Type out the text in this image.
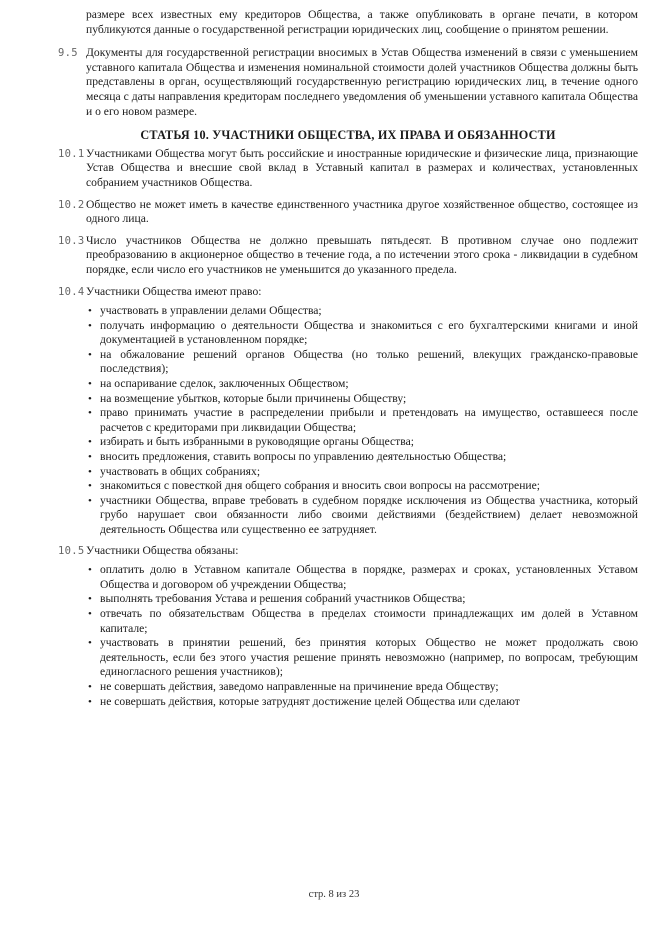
размере всех известных ему кредиторов Общества, а также опубликовать в органе печати, в котором публикуются данные о государственной регистрации юридических лиц, сообщение о принятом решении.

9.5 Документы для государственной регистрации вносимых в Устав Общества изменений в связи с уменьшением уставного капитала Общества и изменения номинальной стоимости долей участников Общества должны быть представлены в орган, осуществляющий государственную регистрацию юридических лиц, в течение одного месяца с даты направления кредиторам последнего уведомления об уменьшении уставного капитала Общества и о его новом размере.

СТАТЬЯ 10. УЧАСТНИКИ ОБЩЕСТВА, ИХ ПРАВА И ОБЯЗАННОСТИ

10.1 Участниками Общества могут быть российские и иностранные юридические и физические лица, признающие Устав Общества и внесшие свой вклад в Уставный капитал в размерах и количествах, установленных собранием участников Общества.
10.2 Общество не может иметь в качестве единственного участника другое хозяйственное общество, состоящее из одного лица.
10.3 Число участников Общества не должно превышать пятьдесят. В противном случае оно подлежит преобразованию в акционерное общество в течение года, а по истечении этого срока - ликвидации в судебном порядке, если число его участников не уменьшится до указанного предела.
10.4 Участники Общества имеют право:
• участвовать в управлении делами Общества;
• получать информацию о деятельности Общества и знакомиться с его бухгалтерскими книгами и иной документацией в установленном порядке;
• на обжалование решений органов Общества (но только решений, влекущих гражданско-правовые последствия);
• на оспаривание сделок, заключенных Обществом;
• на возмещение убытков, которые были причинены Обществу;
• право принимать участие в распределении прибыли и претендовать на имущество, оставшееся после расчетов с кредиторами при ликвидации Общества;
• избирать и быть избранными в руководящие органы Общества;
• вносить предложения, ставить вопросы по управлению деятельностью Общества;
• участвовать в общих собраниях;
• знакомиться с повесткой дня общего собрания и вносить свои вопросы на рассмотрение;
• участники Общества, вправе требовать в судебном порядке исключения из Общества участника, который грубо нарушает свои обязанности либо своими действиями (бездействием) делает невозможной деятельность Общества или существенно ее затрудняет.
10.5 Участники Общества обязаны:
• оплатить долю в Уставном капитале Общества в порядке, размерах и сроках, установленных Уставом Общества и договором об учреждении Общества;
• выполнять требования Устава и решения собраний участников Общества;
• отвечать по обязательствам Общества в пределах стоимости принадлежащих им долей в Уставном капитале;
• участвовать в принятии решений, без принятия которых Общество не может продолжать свою деятельность, если без этого участия решение принять невозможно (например, по вопросам, требующим единогласного решения участников);
• не совершать действия, заведомо направленные на причинение вреда Обществу;
• не совершать действия, которые затруднят достижение целей Общества или сделают
стр. 8 из 23
